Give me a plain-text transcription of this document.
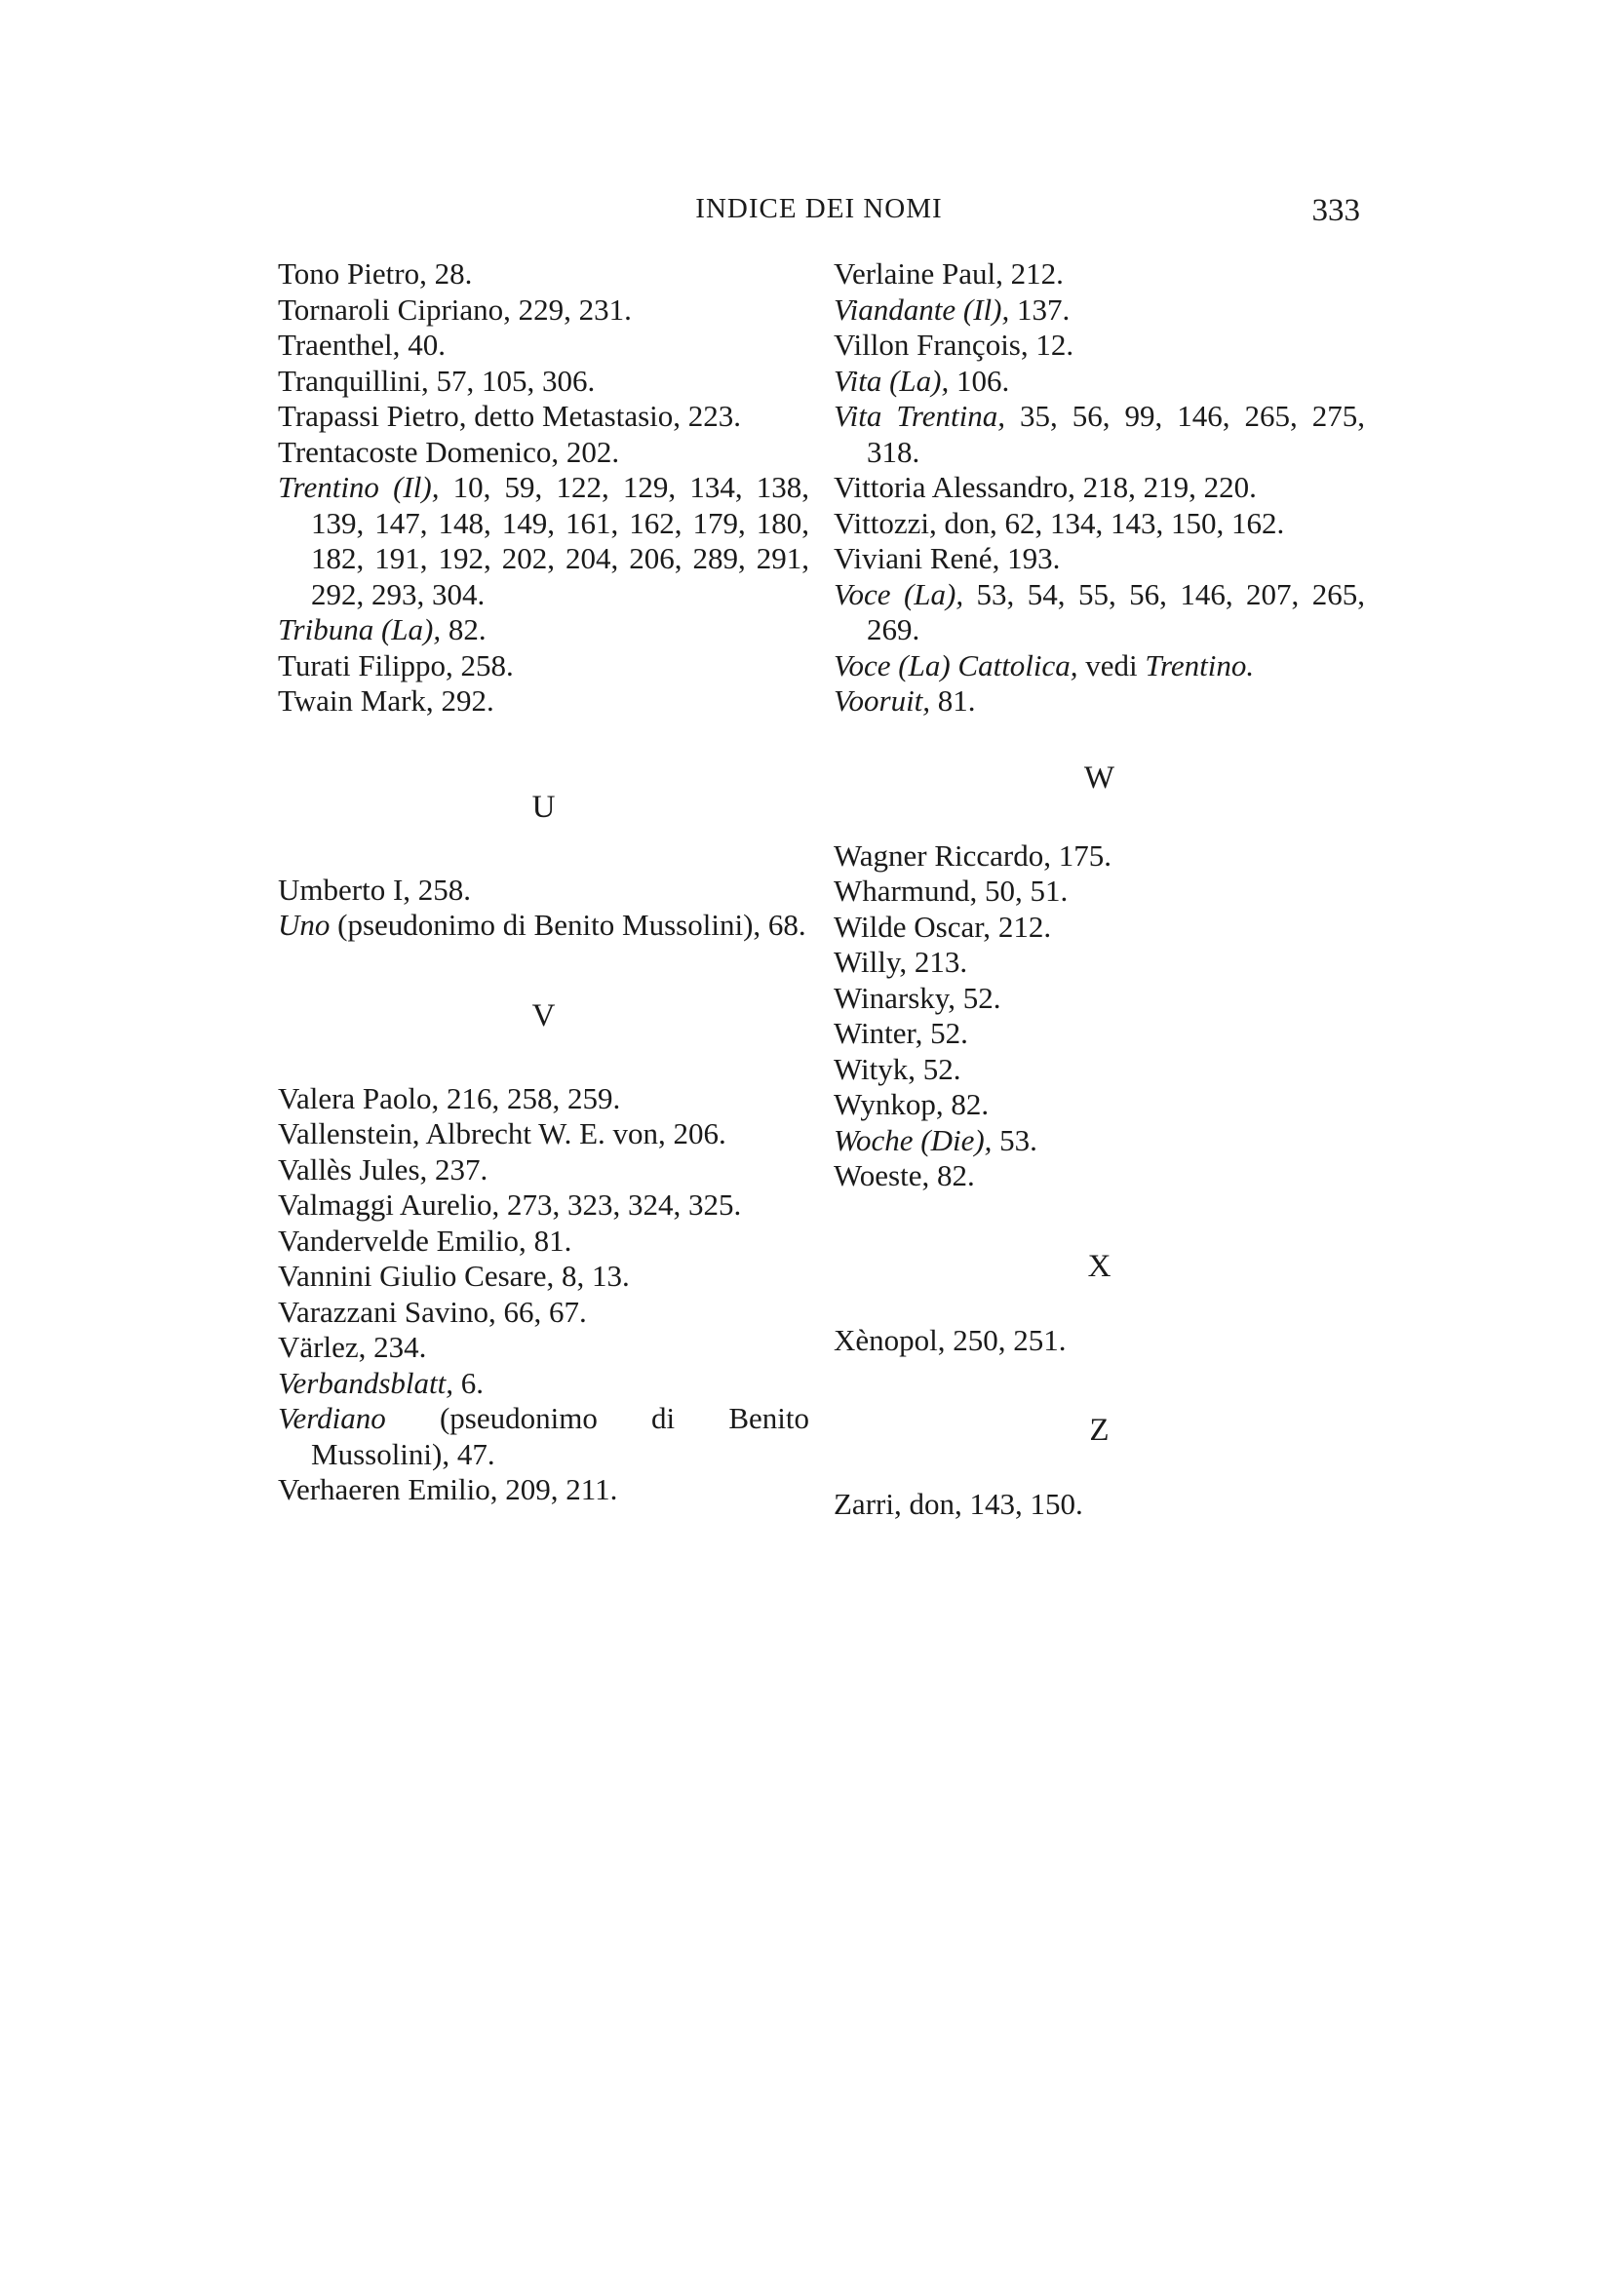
INDICE DEI NOMI	333

Tono Pietro, 28.

Tornaroli Cipriano, 229, 231.

Traenthel, 40.

Tranquillini, 57, 105, 306.

Trapassi Pietro, detto Metastasio, 223.

Trentacoste Domenico, 202.

Trentino (Il), 10, 59, 122, 129, 134, 138, 139, 147, 148, 149, 161, 162, 179, 180, 182, 191, 192, 202, 204, 206, 289, 291, 292, 293, 304.

Tribuna (La), 82.

Turati Filippo, 258.

Twain Mark, 292.

U

Umberto I, 258.

Uno (pseudonimo di Benito Mussolini), 68.

V

Valera Paolo, 216, 258, 259.

Vallenstein, Albrecht W. E. von, 206.

Vallès Jules, 237.

Valmaggi Aurelio, 273, 323, 324, 325.

Vandervelde Emilio, 81.

Vannini Giulio Cesare, 8, 13.

Varazzani Savino, 66, 67.

Värlez, 234.

Verbandsblatt, 6.

Verdiano (pseudonimo di Benito Mussolini), 47.

Verhaeren Emilio, 209, 211.

Verlaine Paul, 212.

Viandante (Il), 137.

Villon François, 12.

Vita (La), 106.

Vita Trentina, 35, 56, 99, 146, 265, 275, 318.

Vittoria Alessandro, 218, 219, 220.

Vittozzi, don, 62, 134, 143, 150, 162.

Viviani René, 193.

Voce (La), 53, 54, 55, 56, 146, 207, 265, 269.

Voce (La) Cattolica, vedi Trentino.

Vooruit, 81.

W

Wagner Riccardo, 175.

Wharmund, 50, 51.

Wilde Oscar, 212.

Willy, 213.

Winarsky, 52.

Winter, 52.

Wityk, 52.

Wynkop, 82.

Woche (Die), 53.

Woeste, 82.

X

Xènopol, 250, 251.

Z

Zarri, don, 143, 150.
